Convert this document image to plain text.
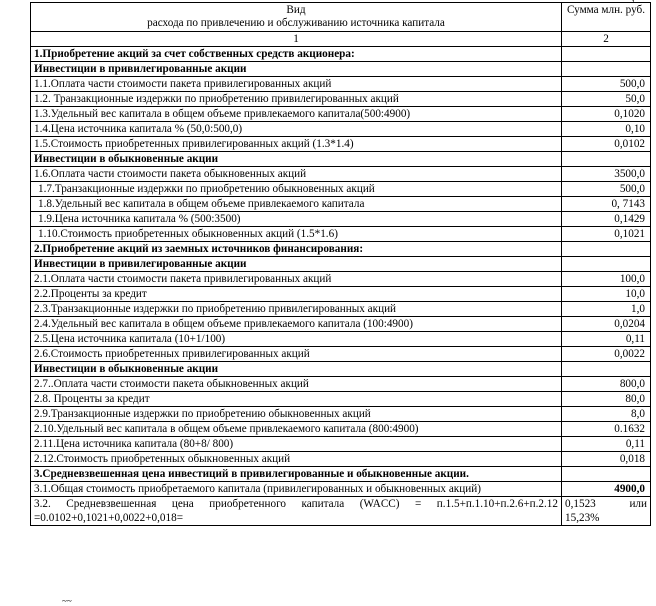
Вид
расхода по привлечению и обслуживанию источника капитала	Сумма млн. руб.
1	2
1.Приобретение акций за счет собственных средств акционера:	
Инвестиции в привилегированные акции	
1.1.Оплата части стоимости пакета привилегированных акций	500,0
1.2. Транзакционные издержки по приобретению привилегированных акций	50,0
1.3.Удельный вес капитала в общем объеме привлекаемого капитала(500:4900)	0,1020
1.4.Цена источника капитала % (50,0:500,0)	0,10
1.5.Стоимость приобретенных привилегированных акций (1.3*1.4)	0,0102
Инвестиции в обыкновенные акции	
1.6.Оплата части стоимости пакета обыкновенных акций	3500,0
1.7.Транзакционные издержки по приобретению обыкновенных акций	500,0
1.8.Удельный вес капитала в общем объеме привлекаемого капитала	0, 7143
1.9.Цена источника капитала % (500:3500)	0,1429
1.10.Стоимость приобретенных обыкновенных акций (1.5*1.6)	0,1021
2.Приобретение акций из заемных источников финансирования:	
Инвестиции в привилегированные акции	
2.1.Оплата части стоимости пакета привилегированных акций	100,0
2.2.Проценты за кредит	10,0
2.3.Транзакционные издержки по приобретению привилегированных акций	1,0
2.4.Удельный вес капитала в общем объеме привлекаемого капитала (100:4900)	0,0204
2.5.Цена источника капитала (10+1/100)	0,11
2.6.Стоимость приобретенных привилегированных акций	0,0022
Инвестиции в обыкновенные акции	
2.7..Оплата части стоимости пакета обыкновенных акций	800,0
2.8. Проценты за кредит	80,0
2.9.Транзакционные издержки по приобретению обыкновенных акций	8,0
2.10.Удельный вес капитала в общем объеме привлекаемого капитала (800:4900)	0.1632
2.11.Цена источника капитала (80+8/ 800)	0,11
2.12.Стоимость приобретенных обыкновенных акций	0,018
3.Средневзвешенная цена инвестиций в привилегированные и обыкновенные акции.	
3.1.Общая стоимость приобретаемого капитала (привилегированных и обыкновенных акций)	4900,0
3.2. Средневзвешенная цена приобретенного капитала (WACC) = п.1.5+п.1.10+п.2.6+п.2.12 =0.0102+0,1021+0,0022+0,018=	0,1523 или 15,23%
~~
